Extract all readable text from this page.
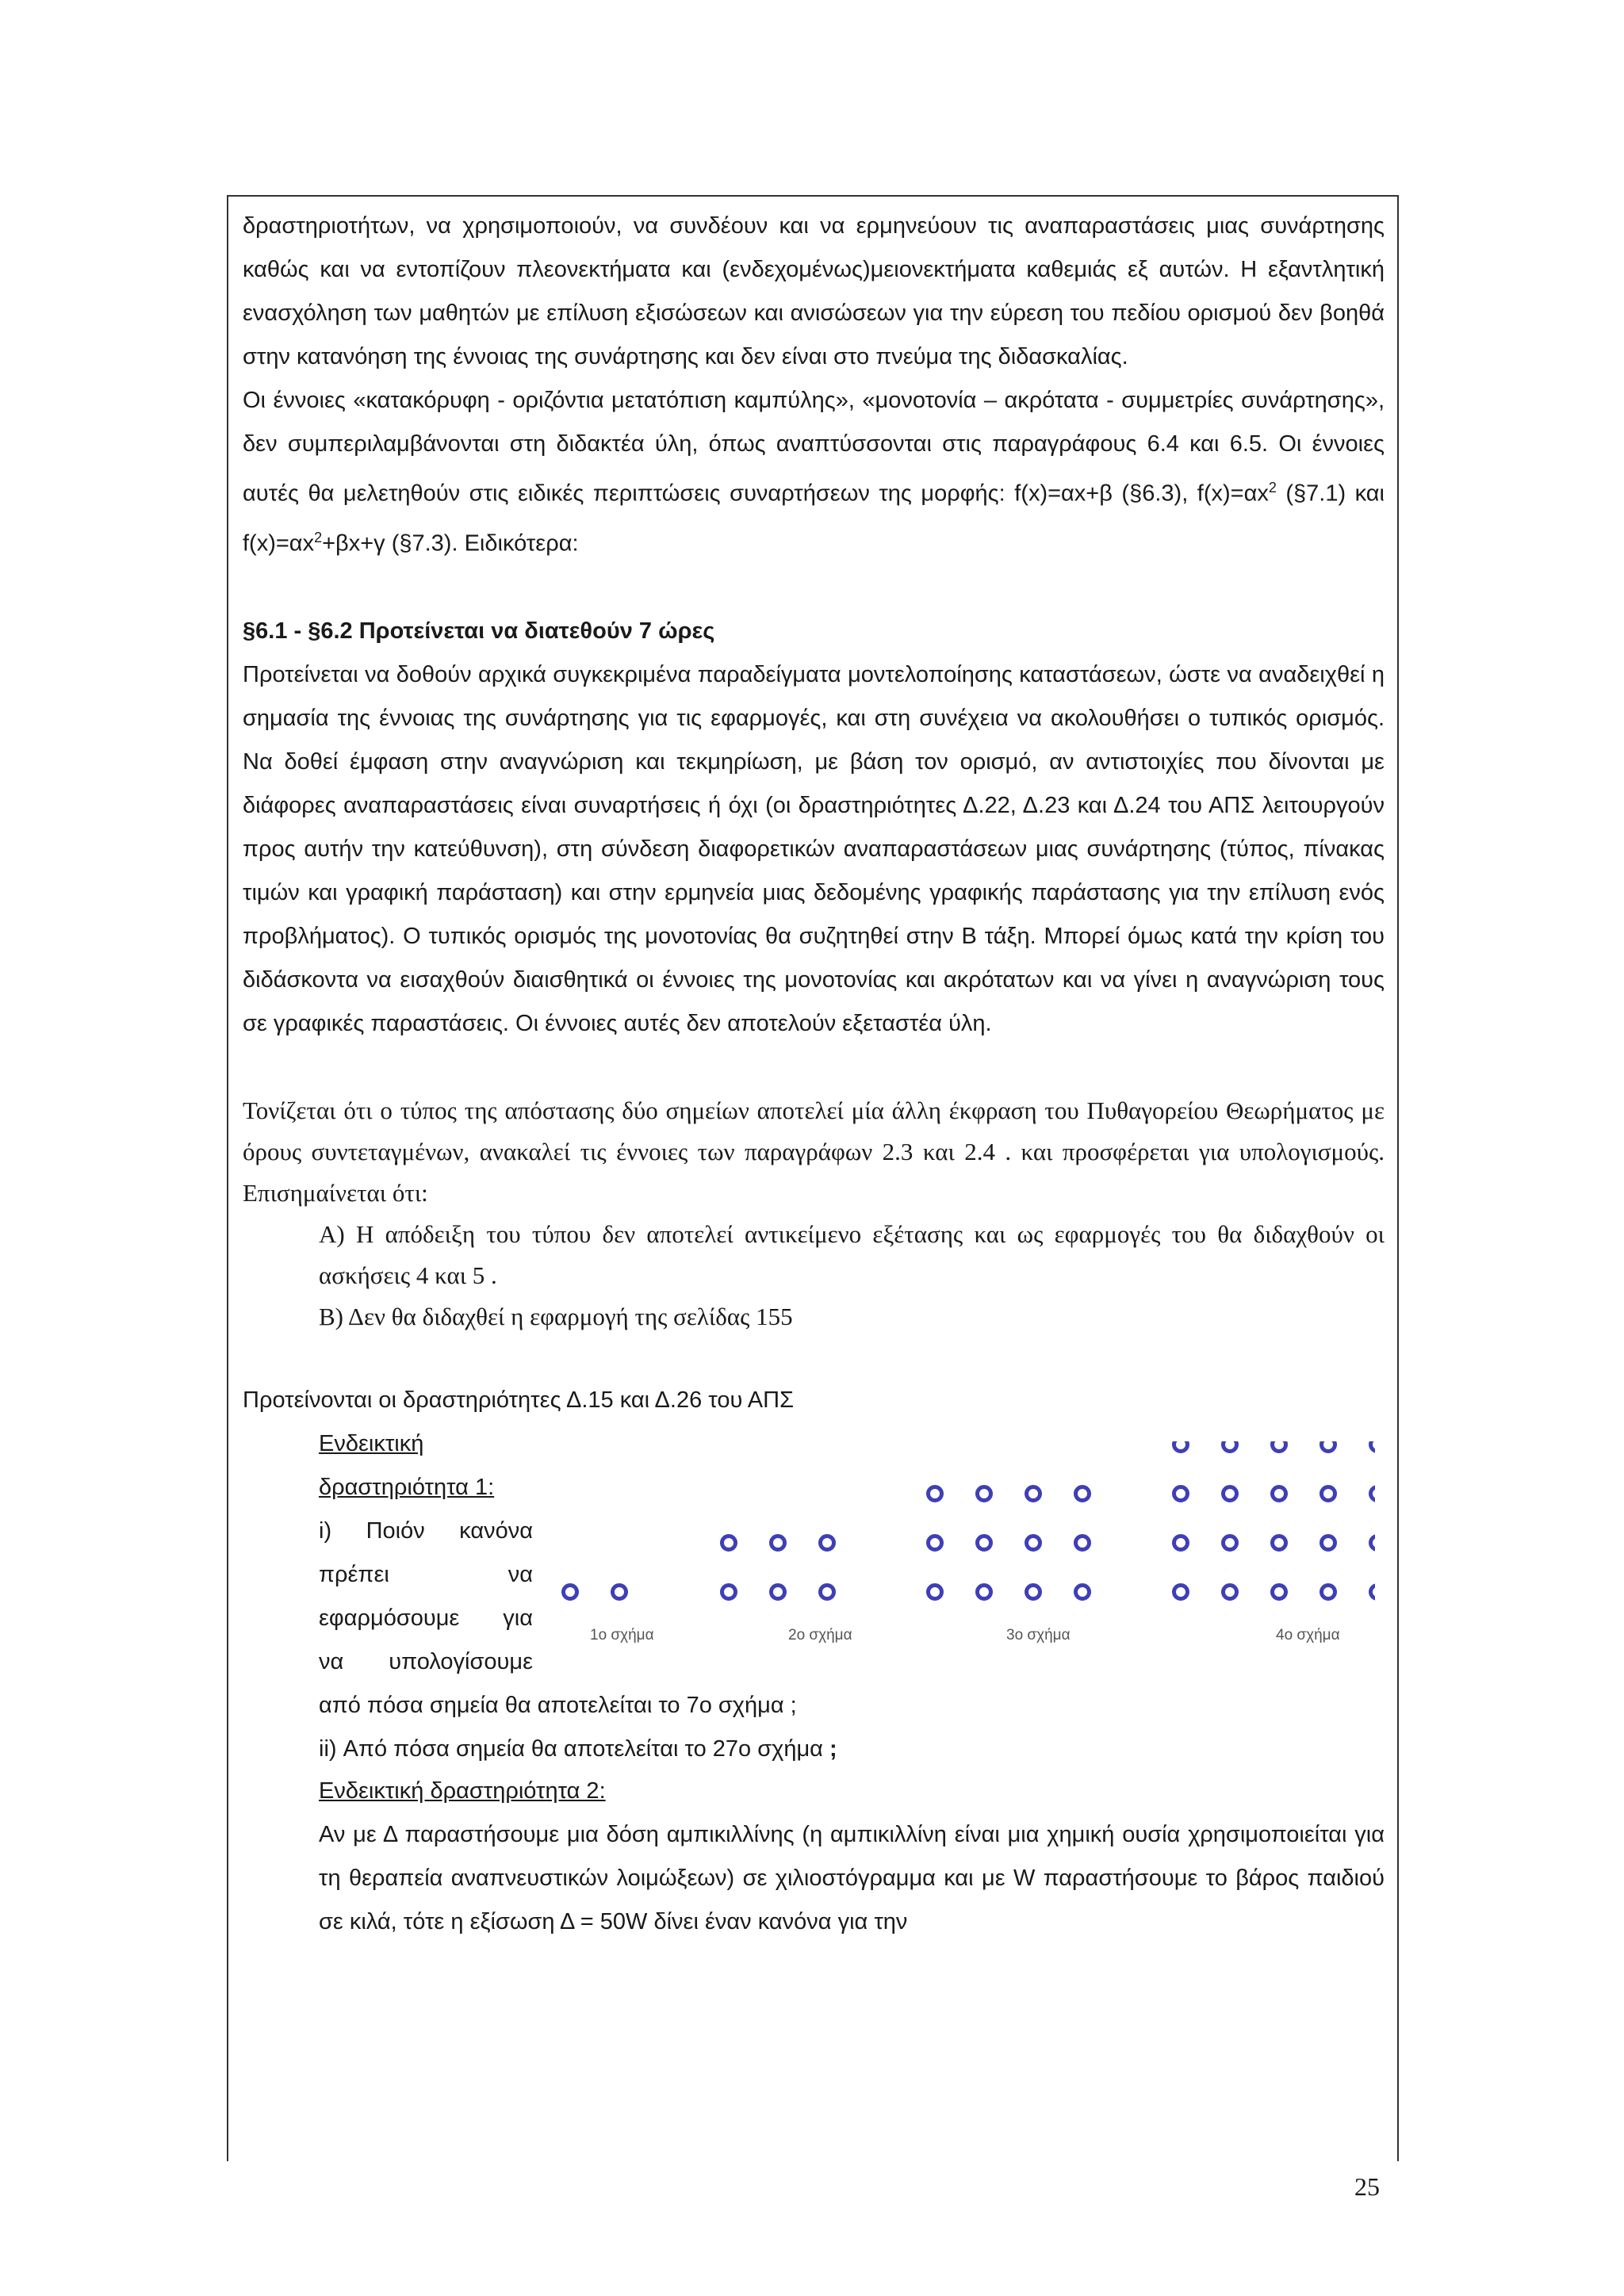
δραστηριοτήτων, να χρησιμοποιούν, να συνδέουν και να ερμηνεύουν τις αναπαραστάσεις μιας συνάρτησης καθώς και να εντοπίζουν πλεονεκτήματα και (ενδεχομένως)μειονεκτήματα καθεμιάς εξ αυτών. Η εξαντλητική ενασχόληση των μαθητών με επίλυση εξισώσεων και ανισώσεων για την εύρεση του πεδίου ορισμού δεν βοηθά στην κατανόηση της έννοιας της συνάρτησης και δεν είναι στο πνεύμα της διδασκαλίας.

Οι έννοιες «κατακόρυφη - οριζόντια μετατόπιση καμπύλης», «μονοτονία – ακρότατα - συμμετρίες συνάρτησης», δεν συμπεριλαμβάνονται στη διδακτέα ύλη, όπως αναπτύσσονται στις παραγράφους 6.4 και 6.5. Οι έννοιες αυτές θα μελετηθούν στις ειδικές περιπτώσεις συναρτήσεων της μορφής: f(x)=αx+β (§6.3), $f(x)=\alpha x^2$ (§7.1) και $f(x)=\alpha x^2+\beta x+\gamma$ (§7.3). Ειδικότερα:

§6.1 - §6.2 Προτείνεται να διατεθούν 7 ώρες

Προτείνεται να δοθούν αρχικά συγκεκριμένα παραδείγματα μοντελοποίησης καταστάσεων, ώστε να αναδειχθεί η σημασία της έννοιας της συνάρτησης για τις εφαρμογές, και στη συνέχεια να ακολουθήσει ο τυπικός ορισμός. Να δοθεί έμφαση στην αναγνώριση και τεκμηρίωση, με βάση τον ορισμό, αν αντιστοιχίες που δίνονται με διάφορες αναπαραστάσεις είναι συναρτήσεις ή όχι (οι δραστηριότητες Δ.22, Δ.23 και Δ.24 του ΑΠΣ λειτουργούν προς αυτήν την κατεύθυνση), στη σύνδεση διαφορετικών αναπαραστάσεων μιας συνάρτησης (τύπος, πίνακας τιμών και γραφική παράσταση) και στην ερμηνεία μιας δεδομένης γραφικής παράστασης για την επίλυση ενός προβλήματος). Ο τυπικός ορισμός της μονοτονίας θα συζητηθεί στην Β τάξη. Μπορεί όμως κατά την κρίση του διδάσκοντα να εισαχθούν διαισθητικά οι έννοιες της μονοτονίας και ακρότατων και να γίνει η αναγνώριση τους σε γραφικές παραστάσεις. Οι έννοιες αυτές δεν αποτελούν εξεταστέα ύλη.

Τονίζεται ότι ο τύπος της απόστασης δύο σημείων αποτελεί μία άλλη έκφραση του Πυθαγορείου Θεωρήματος με όρους συντεταγμένων, ανακαλεί τις έννοιες των παραγράφων 2.3 και 2.4 . και προσφέρεται για υπολογισμούς. Επισημαίνεται ότι:

Α) Η απόδειξη του τύπου δεν αποτελεί αντικείμενο εξέτασης και ως εφαρμογές του θα διδαχθούν οι ασκήσεις 4 και 5 .

Β) Δεν θα διδαχθεί η εφαρμογή της σελίδας 155

Προτείνονται οι δραστηριότητες Δ.15 και Δ.26 του ΑΠΣ

Ενδεικτική
δραστηριότητα 1:
i) Ποιόν κανόνα
πρέπει να
εφαρμόσουμε για
να υπολογίσουμε
1ο σχήμα	2ο σχήμα	3ο σχήμα	4ο σχήμα
από πόσα σημεία θα αποτελείται το 7ο σχήμα ;
ii) Από πόσα σημεία θα αποτελείται το 27ο σχήμα ;
Ενδεικτική δραστηριότητα 2:

Αν με Δ παραστήσουμε μια δόση αμπικιλλίνης (η αμπικιλλίνη είναι μια χημική ουσία χρησιμοποιείται για τη θεραπεία αναπνευστικών λοιμώξεων) σε χιλιοστόγραμμα και με W παραστήσουμε το βάρος παιδιού σε κιλά, τότε η εξίσωση Δ = 50W δίνει έναν κανόνα για την

25
